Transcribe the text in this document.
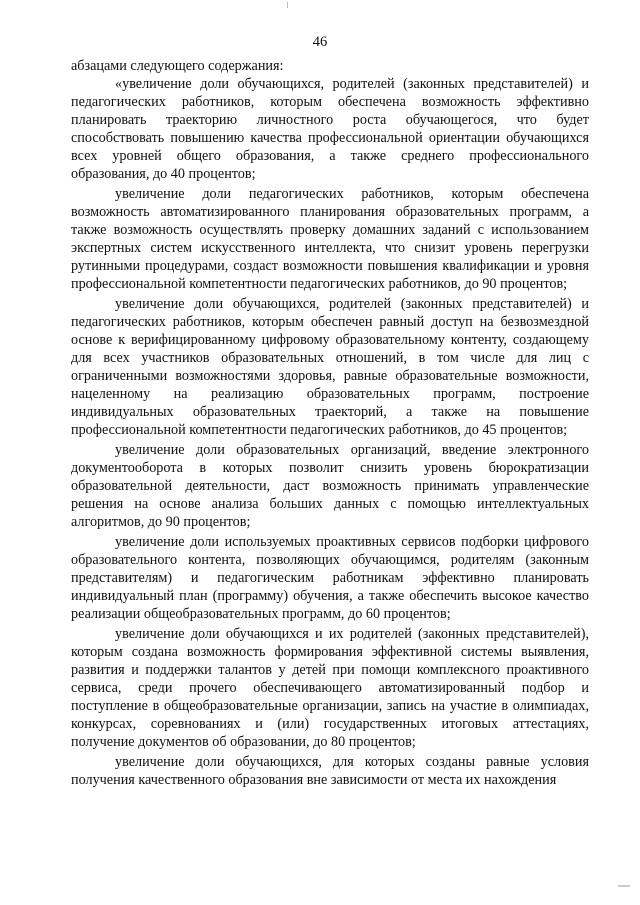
46

абзацами следующего содержания:

«увеличение доли обучающихся, родителей (законных представителей) и педагогических работников, которым обеспечена возможность эффективно планировать траекторию личностного роста обучающегося, что будет способствовать повышению качества профессиональной ориентации обучающихся всех уровней общего образования, а также среднего профессионального образования, до 40 процентов;

увеличение доли педагогических работников, которым обеспечена возможность автоматизированного планирования образовательных программ, а также возможность осуществлять проверку домашних заданий с использованием экспертных систем искусственного интеллекта, что снизит уровень перегрузки рутинными процедурами, создаст возможности повышения квалификации и уровня профессиональной компетентности педагогических работников, до 90 процентов;

увеличение доли обучающихся, родителей (законных представителей) и педагогических работников, которым обеспечен равный доступ на безвозмездной основе к верифицированному цифровому образовательному контенту, создающему для всех участников образовательных отношений, в том числе для лиц с ограниченными возможностями здоровья, равные образовательные возможности, нацеленному на реализацию образовательных программ, построение индивидуальных образовательных траекторий, а также на повышение профессиональной компетентности педагогических работников, до 45 процентов;

увеличение доли образовательных организаций, введение электронного документооборота в которых позволит снизить уровень бюрократизации образовательной деятельности, даст возможность принимать управленческие решения на основе анализа больших данных с помощью интеллектуальных алгоритмов, до 90 процентов;

увеличение доли используемых проактивных сервисов подборки цифрового образовательного контента, позволяющих обучающимся, родителям (законным представителям) и педагогическим работникам эффективно планировать индивидуальный план (программу) обучения, а также обеспечить высокое качество реализации общеобразовательных программ, до 60 процентов;

увеличение доли обучающихся и их родителей (законных представителей), которым создана возможность формирования эффективной системы выявления, развития и поддержки талантов у детей при помощи комплексного проактивного сервиса, среди прочего обеспечивающего автоматизированный подбор и поступление в общеобразовательные организации, запись на участие в олимпиадах, конкурсах, соревнованиях и (или) государственных итоговых аттестациях, получение документов об образовании, до 80 процентов;

увеличение доли обучающихся, для которых созданы равные условия получения качественного образования вне зависимости от места их нахождения
